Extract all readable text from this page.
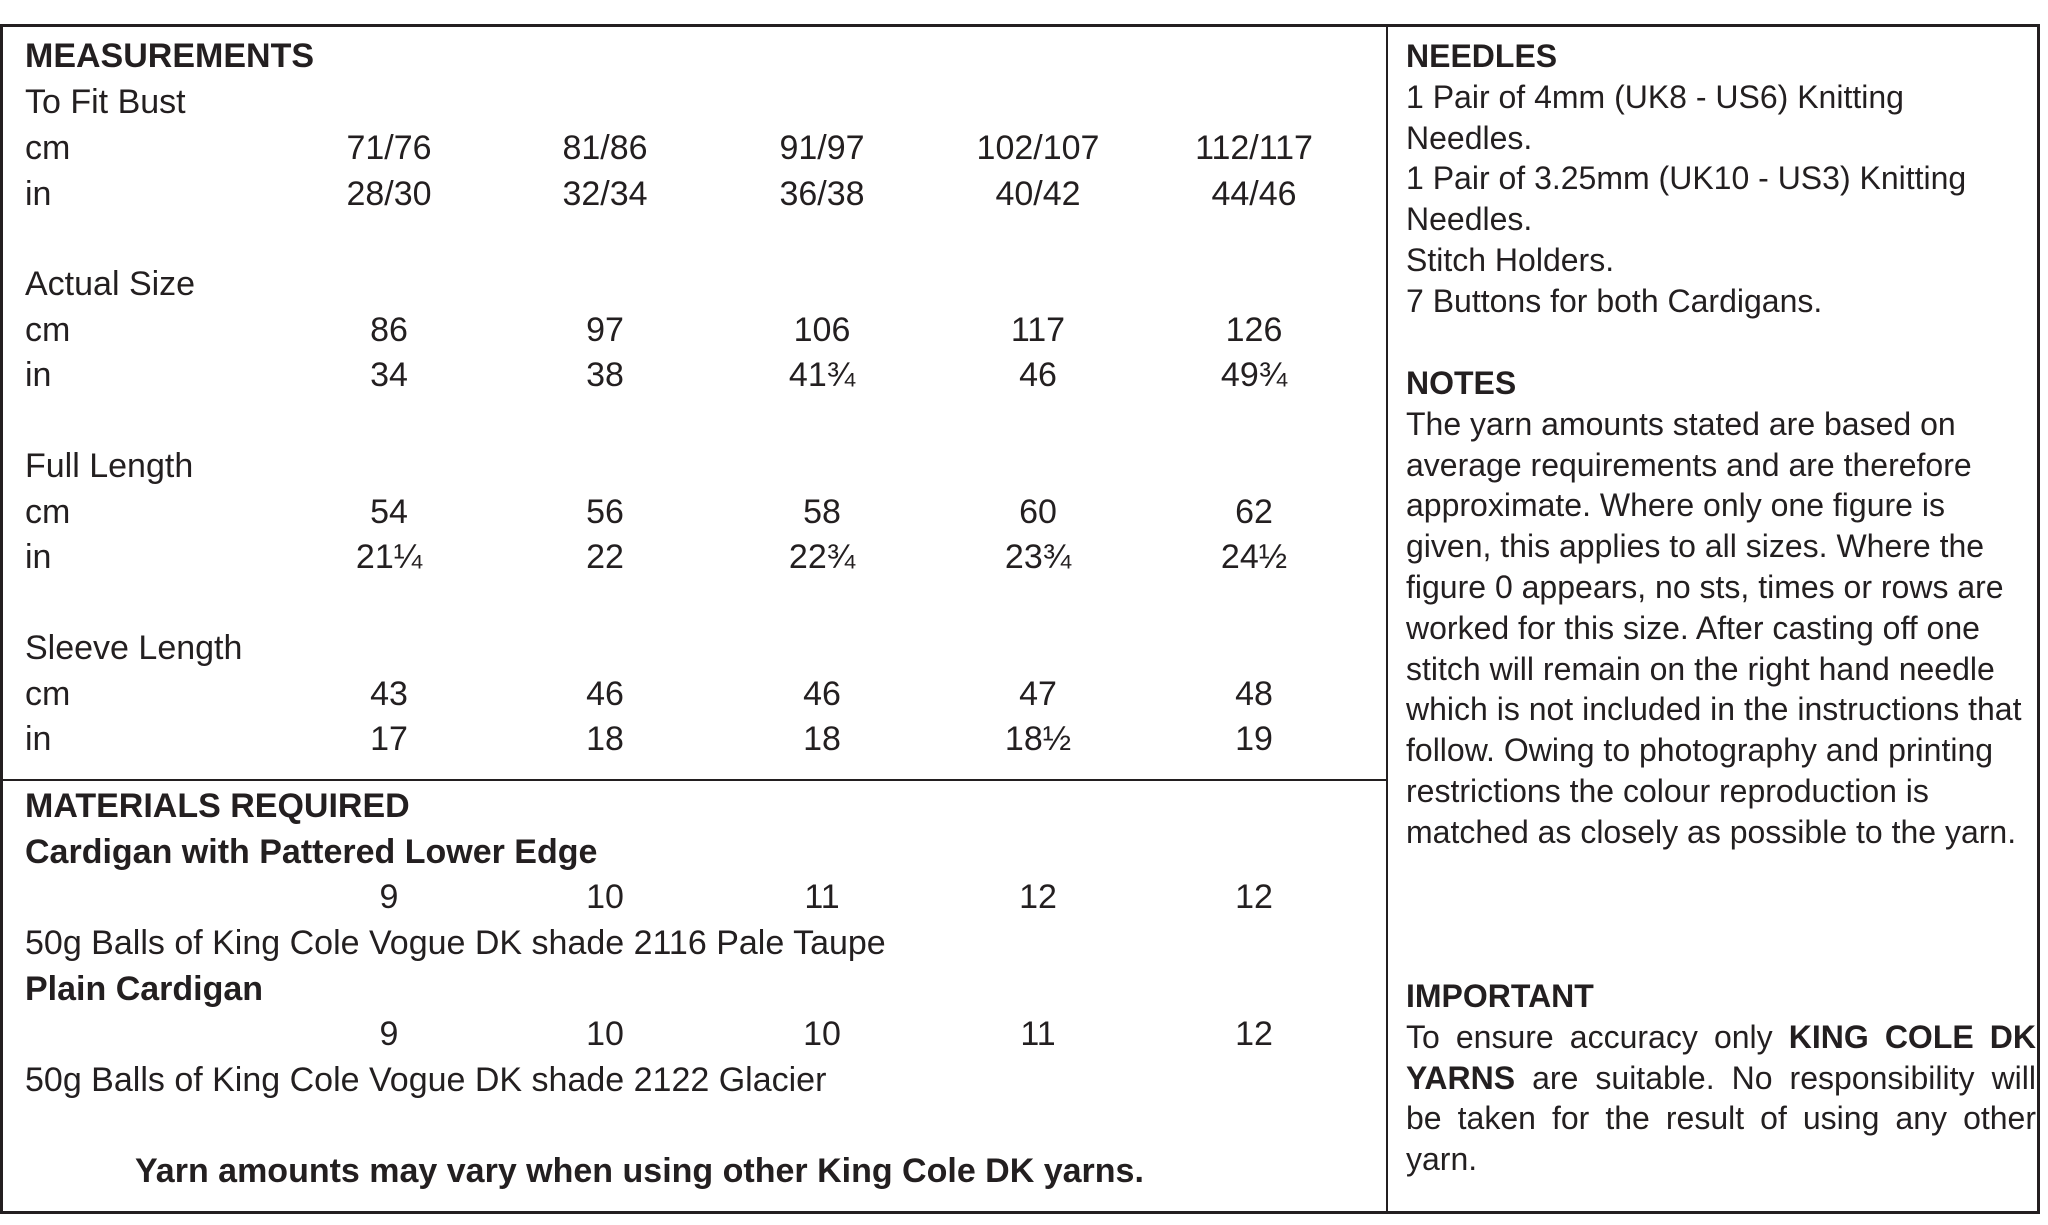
MEASUREMENTS
To Fit Bust
cm	71/76	81/86	91/97	102/107	112/117
in	28/30	32/34	36/38	40/42	44/46
Actual Size
cm	86	97	106	117	126
in	34	38	41¾	46	49¾
Full Length
cm	54	56	58	60	62
in	21¼	22	22¾	23¾	24½
Sleeve Length
cm	43	46	46	47	48
in	17	18	18	18½	19
MATERIALS REQUIRED
Cardigan with Pattered Lower Edge
9	10	11	12	12
50g Balls of King Cole Vogue DK shade 2116 Pale Taupe
Plain Cardigan
9	10	10	11	12
50g Balls of King Cole Vogue DK shade 2122 Glacier
Yarn amounts may vary when using other King Cole DK yarns.
NEEDLES
1 Pair of 4mm (UK8 - US6) Knitting Needles.
1 Pair of 3.25mm (UK10 - US3) Knitting Needles.
Stitch Holders.
7 Buttons for both Cardigans.
NOTES
The yarn amounts stated are based on average requirements and are therefore approximate. Where only one figure is given, this applies to all sizes. Where the figure 0 appears, no sts, times or rows are worked for this size. After casting off one stitch will remain on the right hand needle which is not included in the instructions that follow. Owing to photography and printing restrictions the colour reproduction is matched as closely as possible to the yarn.
IMPORTANT
To ensure accuracy only KING COLE DK YARNS are suitable. No responsibility will be taken for the result of using any other yarn.
